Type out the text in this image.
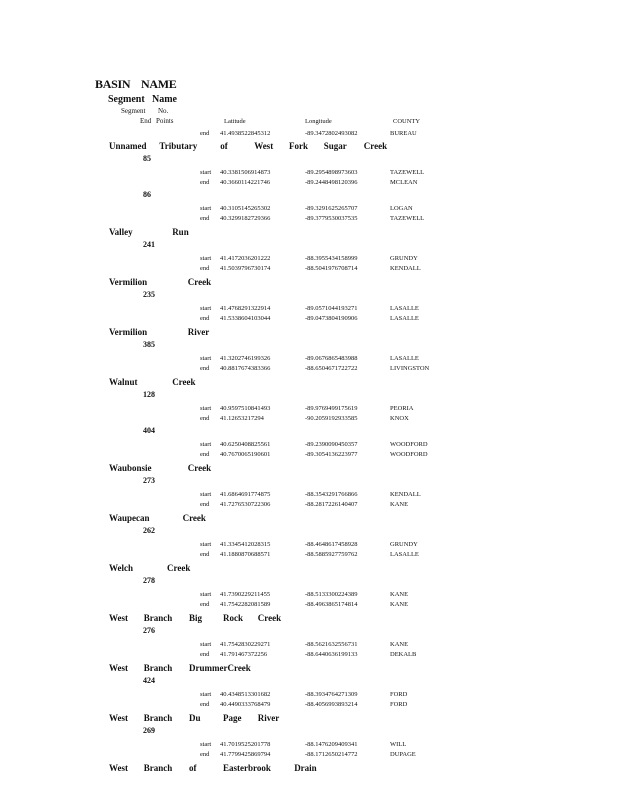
BASIN NAME
Segment Name
Segment No.
End Points	Latitude	Longitude	COUNTY
end 41.4938522845312	-89.3472802493082	BUREAU
Unnamed Tributary	of	West Fork Sugar Creek
85
start 40.3381506914873	-89.2954898973603	TAZEWELL
end 40.3660114221746	-89.2448498120396	MCLEAN
86
start 40.3105145265302	-89.3291625265707	LOGAN
end 40.3299182729366	-89.3779530037535	TAZEWELL
Valley	Run
241
start 41.4172036201222	-88.3955434158999	GRUNDY
end 41.5039796730174	-88.5041976708714	KENDALL
Vermilion	Creek
235
start 41.4768291322914	-89.0571044193271	LASALLE
end 41.5338604103044	-89.0473804190906	LASALLE
Vermilion	River
385
start 41.3202746199326	-89.0676865483988	LASALLE
end 40.8817674383366	-88.6504671722722	LIVINGSTON
Walnut	Creek
128
start 40.9597510841493	-89.9769499175619	PEORIA
end 41.12653217294	-90.2059192933585	KNOX
404
start 40.6250408825561	-89.2390090450357	WOODFORD
end 40.7670065190601	-89.3054136223977	WOODFORD
Waubonsie	Creek
273
start 41.6864691774875	-88.3543291766866	KENDALL
end 41.7276530722306	-88.2817226140407	KANE
Waupecan	Creek
262
start 41.3345412028315	-88.4648617458928	GRUNDY
end 41.1880870688571	-88.5885927759762	LASALLE
Welch	Creek
278
start 41.7390229211455	-88.5133300224389	KANE
end 41.7542282081589	-88.4963865174814	KANE
West Branch Big Rock Creek
276
start 41.7542830229271	-88.5621632556731	KANE
end 41.791467372256	-88.6440636199133	DEKALB
West Branch DrummerCreek
424
start 40.4348513301682	-88.3934764271309	FORD
end 40.4490333768479	-88.4056993893214	FORD
West Branch Du Page River
269
start 41.7019525201778	-88.1476209409341	WILL
end 41.7799425869794	-88.1712650214772	DUPAGE
West Branch of	Easterbrook	Drain
